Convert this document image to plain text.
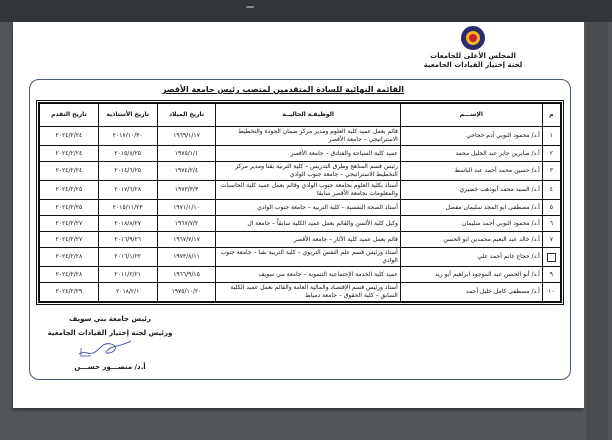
المجلس الأعلى للجامعات
لجنة إختيار القيادات الجامعية
القائمة النهائية للسادة المتقدمين لمنصب رئيس جامعة الأقصر
م	الإســـم	الوظيفـة الحاليــة	تاريخ الميلاد	تاريخ الأستاذية	تاريخ التقدم
١	أ.د/ محمود النوبي آدم حجاجي	قائم بعمل عميد كلية العلوم ومدير مركز ضمان الجودة والتخطيط الاستراتيجي – جامعة الأقصر	١٩٦٩/١/١٧	٢٠١٧/١٠/٣٠	٢٠٢٤/٢/٢٤
٢	أ.د/ صابرين جابر عبد الجليل محمد	عميد كلية السياحة والفنادق – جامعة الأقصر	١٩٧٥/١/١	٢٠١٥/٨/٢٥	٢٠٢٤/٢/٢٤
٣	أ.د/ حسين محمد أحمد عبد الباسط	رئيس قسم المناهج وطرق التدريس – كلية التربية بقنا ومدير مركز التخطيط الاستراتيجي – جامعة جنوب الوادي	١٩٧٤/٢/٤	٢٠١٤/٦/٢٥	٢٠٢٤/٢/٢٤
٤	أ.د/ السيد محمد أبوذهب خضيري	أستاذ بكلية العلوم بجامعة جنوب الوادي وقائم بعمل عميد كلية الحاسبات والمعلومات بجامعة الأقصر سابقا	١٩٧٣/٣/٣	٢٠١٧/٦/٢٨	٢٠٢٤/٢/٢٥
٥	أ.د/ مصطفى ابو المجد سليمان مفضل	أستاذ الصحة النفسية – كلية التربية – جامعة جنوب الوادي	١٩٧١/١/١٠	٢٠١٥/١١/٢٣	٢٠٢٤/٢/٢٥
٦	أ.د/ محمود النوبي أحمد سليمان	وكيل كلية الألسن والقائم بعمل عميد الكلية سابقاً – جامعة ال	١٩٦٧/٧/٢	٢٠١٨/٨/٢٧	٢٠٢٤/٢/٢٧
٧	أ.د/ خالد عبد النعيم محمدين ابو الحسن	قائم بعمل عميد كلية الآثار – جامعة الأقصر	١٩٦٧/٧/١٧	٢٠١٦/٩/٢٦	٢٠٢٤/٢/٢٧
	أ.د/ حجاج غانم أحمد علي	أستاذ ورئيس قسم علم النفس التربوي – كلية التربية بقنا – جامعة جنوب الوادي	١٩٧٣/٨/١١	٢٠١٦/١/٢٢	٢٠٢٤/٢/٢٨
٩	أ.د/ أبو الحسن عبد الموجود ابراهيم أبو زيد	عميد كلية الخدمة الإجتماعية التنموية – جامعة بني سويف	١٩٦٦/٩/١٥	٢٠١١/٢/٢١	٢٠٢٤/٢/٢٨
١٠	أ.د/ مصطفى كامل خليل أحمد	أستاذ ورئيس قسم الإقتصاد والمالية العامة والقائم بعمل عميد الكلية السابق – كلية الحقوق – جامعة دمياط	١٩٧٥/١٠/٢٠	٢٠١٨/٢/١	٢٠٢٤/٢/٢٩
رئيس جامعة بني سويف
ورئيس لجنة إختيار القيادات الجامعية
أ.د/ منصـــور حســـن
